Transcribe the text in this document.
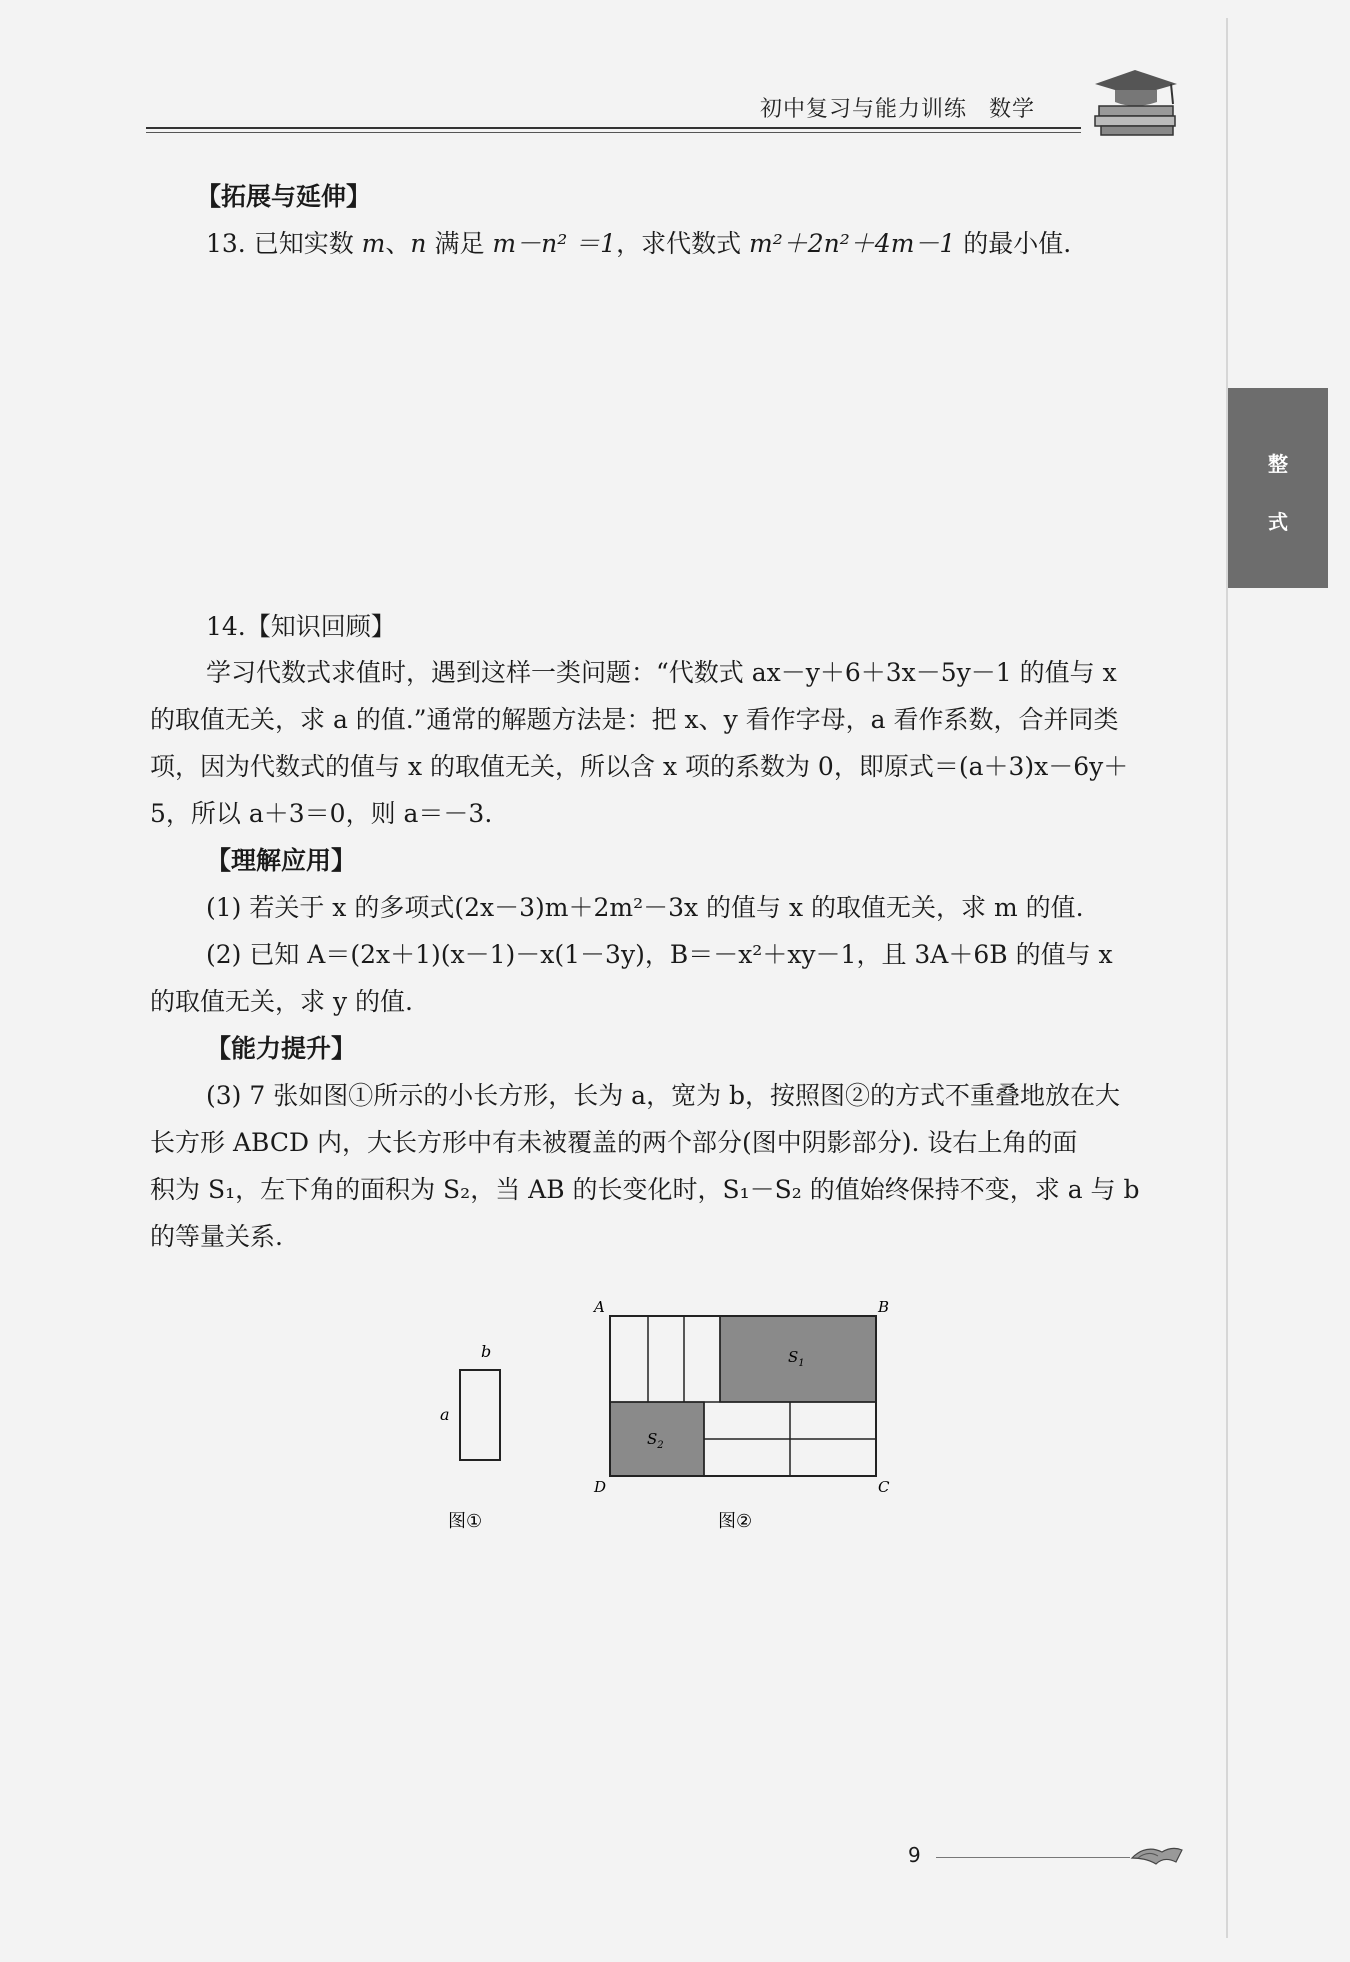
初中复习与能力训练 数学
整
式
【拓展与延伸】
13. 已知实数 m、n 满足 m－n² ＝1，求代数式 m²＋2n²＋4m－1 的最小值.
14.【知识回顾】
学习代数式求值时，遇到这样一类问题：“代数式 ax－y＋6＋3x－5y－1 的值与 x
的取值无关，求 a 的值.”通常的解题方法是：把 x、y 看作字母，a 看作系数，合并同类
项，因为代数式的值与 x 的取值无关，所以含 x 项的系数为 0，即原式＝(a＋3)x－6y＋
5，所以 a＋3＝0，则 a＝－3.
【理解应用】
(1) 若关于 x 的多项式(2x－3)m＋2m²－3x 的值与 x 的取值无关，求 m 的值.
(2) 已知 A＝(2x＋1)(x－1)－x(1－3y)，B＝－x²＋xy－1，且 3A＋6B 的值与 x
的取值无关，求 y 的值.
【能力提升】
(3) 7 张如图①所示的小长方形，长为 a，宽为 b，按照图②的方式不重叠地放在大
长方形 ABCD 内，大长方形中有未被覆盖的两个部分(图中阴影部分). 设右上角的面
积为 S₁，左下角的面积为 S₂，当 AB 的长变化时，S₁－S₂ 的值始终保持不变，求 a 与 b
的等量关系.
b
a
图①
A	B
C
D
$S_1$
$S_2$
图②
9
